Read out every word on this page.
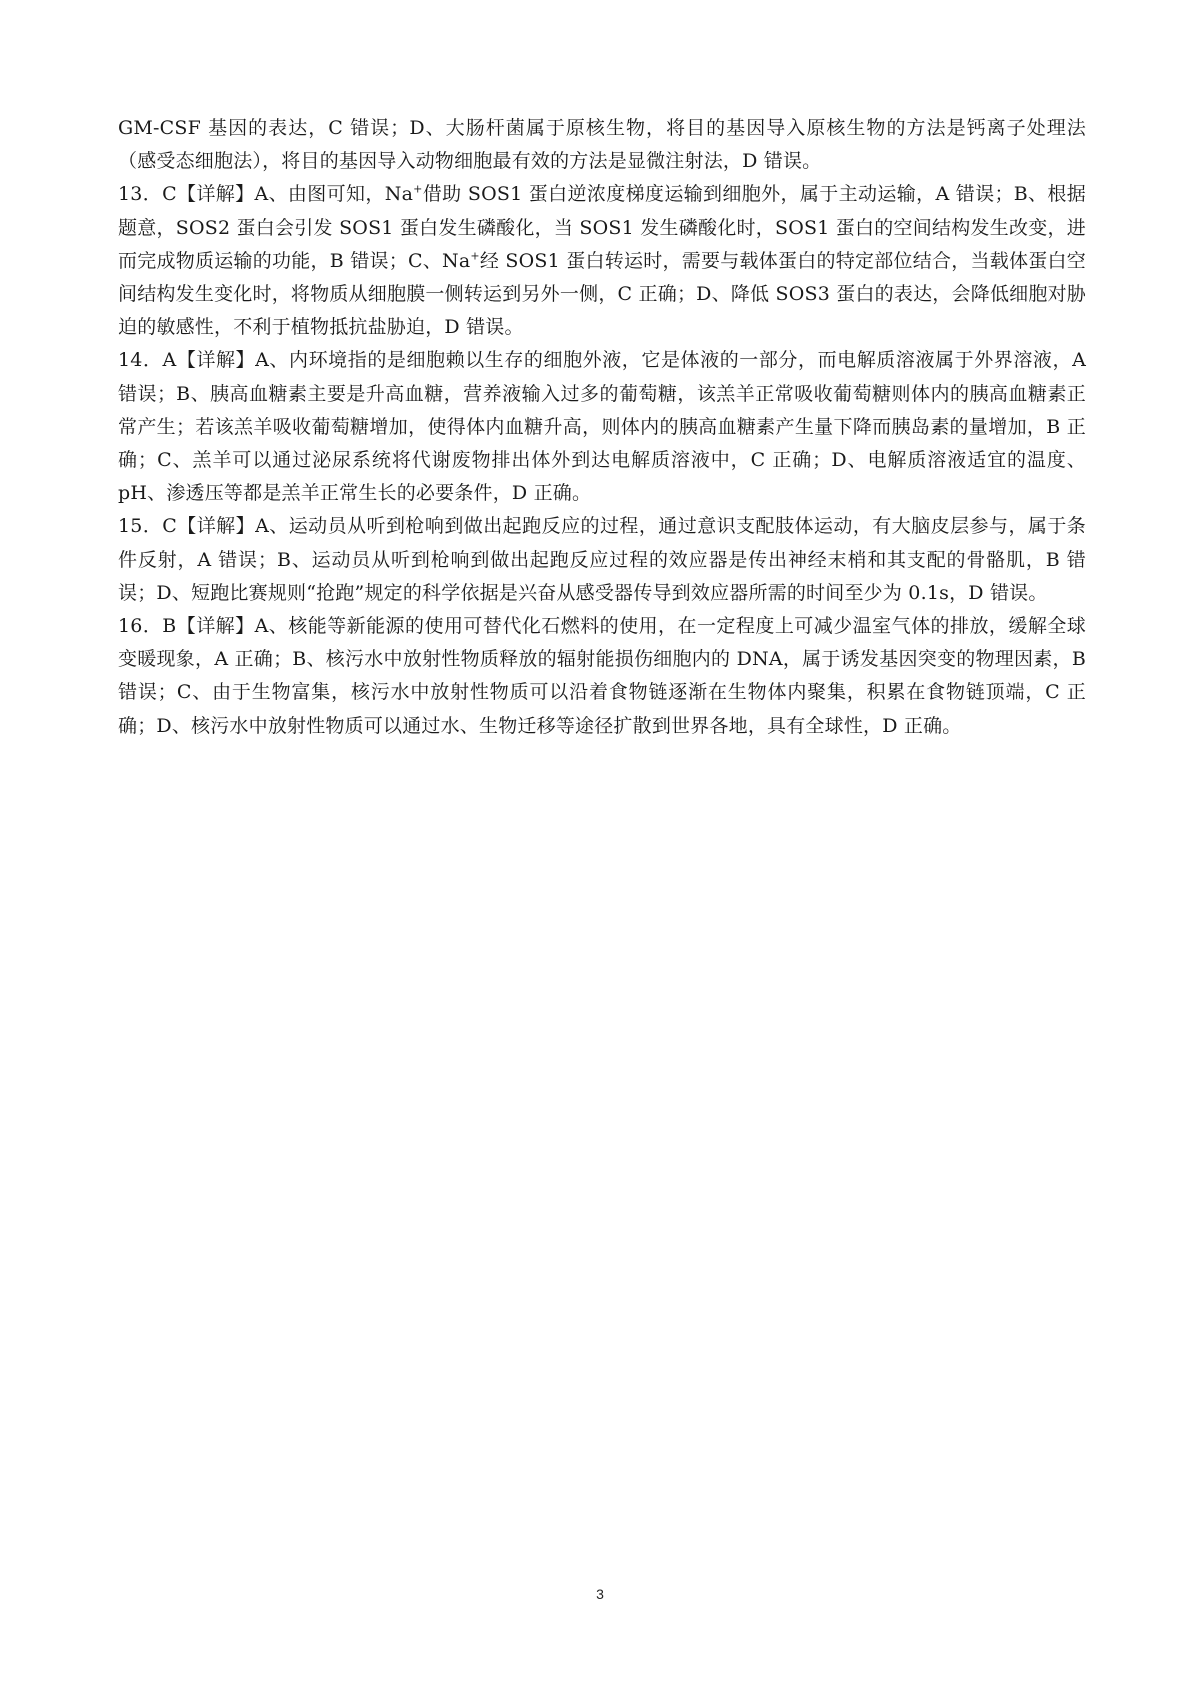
GM-CSF 基因的表达，C 错误；D、大肠杆菌属于原核生物，将目的基因导入原核生物的方法是钙离子处理法（感受态细胞法），将目的基因导入动物细胞最有效的方法是显微注射法，D 错误。

13．C【详解】A、由图可知，Na+借助 SOS1 蛋白逆浓度梯度运输到细胞外，属于主动运输，A 错误；B、根据题意，SOS2 蛋白会引发 SOS1 蛋白发生磷酸化，当 SOS1 发生磷酸化时，SOS1 蛋白的空间结构发生改变，进而完成物质运输的功能，B 错误；C、Na+经 SOS1 蛋白转运时，需要与载体蛋白的特定部位结合，当载体蛋白空间结构发生变化时，将物质从细胞膜一侧转运到另外一侧，C 正确；D、降低 SOS3 蛋白的表达，会降低细胞对胁迫的敏感性，不利于植物抵抗盐胁迫，D 错误。

14．A【详解】A、内环境指的是细胞赖以生存的细胞外液，它是体液的一部分，而电解质溶液属于外界溶液，A 错误；B、胰高血糖素主要是升高血糖，营养液输入过多的葡萄糖，该羔羊正常吸收葡萄糖则体内的胰高血糖素正常产生；若该羔羊吸收葡萄糖增加，使得体内血糖升高，则体内的胰高血糖素产生量下降而胰岛素的量增加，B 正确；C、羔羊可以通过泌尿系统将代谢废物排出体外到达电解质溶液中，C 正确；D、电解质溶液适宜的温度、pH、渗透压等都是羔羊正常生长的必要条件，D 正确。

15．C【详解】A、运动员从听到枪响到做出起跑反应的过程，通过意识支配肢体运动，有大脑皮层参与，属于条件反射，A 错误；B、运动员从听到枪响到做出起跑反应过程的效应器是传出神经末梢和其支配的骨骼肌，B 错误；D、短跑比赛规则“抢跑”规定的科学依据是兴奋从感受器传导到效应器所需的时间至少为 0.1s，D 错误。

16．B【详解】A、核能等新能源的使用可替代化石燃料的使用，在一定程度上可减少温室气体的排放，缓解全球变暖现象，A 正确；B、核污水中放射性物质释放的辐射能损伤细胞内的 DNA，属于诱发基因突变的物理因素，B 错误；C、由于生物富集，核污水中放射性物质可以沿着食物链逐渐在生物体内聚集，积累在食物链顶端，C 正确；D、核污水中放射性物质可以通过水、生物迁移等途径扩散到世界各地，具有全球性，D 正确。

3
